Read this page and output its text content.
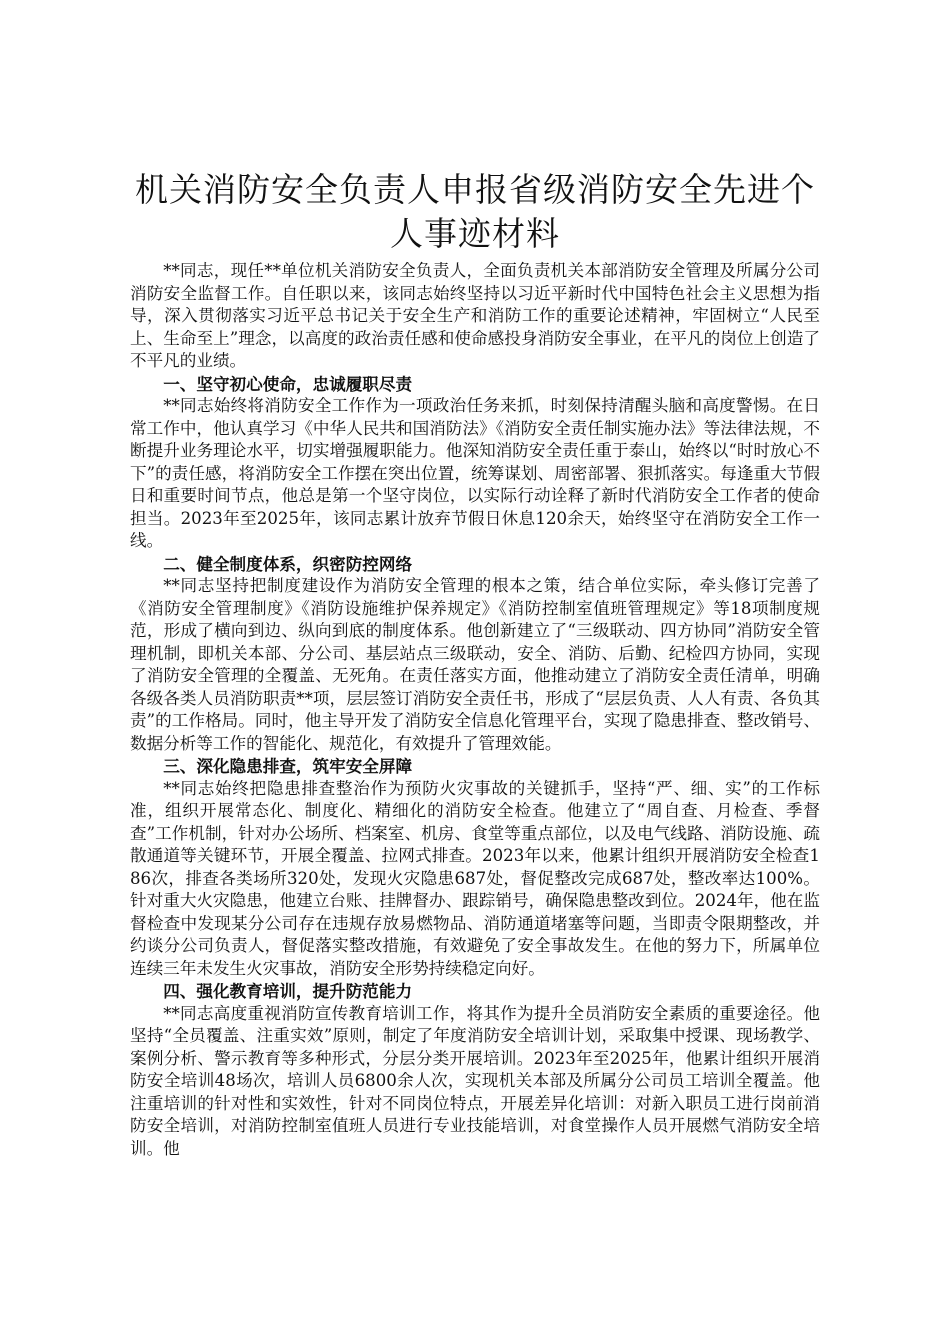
机关消防安全负责人申报省级消防安全先进个人事迹材料

**同志，现任**单位机关消防安全负责人，全面负责机关本部消防安全管理及所属分公司消防安全监督工作。自任职以来，该同志始终坚持以习近平新时代中国特色社会主义思想为指导，深入贯彻落实习近平总书记关于安全生产和消防工作的重要论述精神，牢固树立“人民至上、生命至上”理念，以高度的政治责任感和使命感投身消防安全事业，在平凡的岗位上创造了不平凡的业绩。

一、坚守初心使命，忠诚履职尽责

**同志始终将消防安全工作作为一项政治任务来抓，时刻保持清醒头脑和高度警惕。在日常工作中，他认真学习《中华人民共和国消防法》《消防安全责任制实施办法》等法律法规，不断提升业务理论水平，切实增强履职能力。他深知消防安全责任重于泰山，始终以“时时放心不下”的责任感，将消防安全工作摆在突出位置，统筹谋划、周密部署、狠抓落实。每逢重大节假日和重要时间节点，他总是第一个坚守岗位，以实际行动诠释了新时代消防安全工作者的使命担当。2023年至2025年，该同志累计放弃节假日休息120余天，始终坚守在消防安全工作一线。

二、健全制度体系，织密防控网络

**同志坚持把制度建设作为消防安全管理的根本之策，结合单位实际，牵头修订完善了《消防安全管理制度》《消防设施维护保养规定》《消防控制室值班管理规定》等18项制度规范，形成了横向到边、纵向到底的制度体系。他创新建立了“三级联动、四方协同”消防安全管理机制，即机关本部、分公司、基层站点三级联动，安全、消防、后勤、纪检四方协同，实现了消防安全管理的全覆盖、无死角。在责任落实方面，他推动建立了消防安全责任清单，明确各级各类人员消防职责**项，层层签订消防安全责任书，形成了“层层负责、人人有责、各负其责”的工作格局。同时，他主导开发了消防安全信息化管理平台，实现了隐患排查、整改销号、数据分析等工作的智能化、规范化，有效提升了管理效能。

三、深化隐患排查，筑牢安全屏障

**同志始终把隐患排查整治作为预防火灾事故的关键抓手，坚持“严、细、实”的工作标准，组织开展常态化、制度化、精细化的消防安全检查。他建立了“周自查、月检查、季督查”工作机制，针对办公场所、档案室、机房、食堂等重点部位，以及电气线路、消防设施、疏散通道等关键环节，开展全覆盖、拉网式排查。2023年以来，他累计组织开展消防安全检查186次，排查各类场所320处，发现火灾隐患687处，督促整改完成687处，整改率达100%。针对重大火灾隐患，他建立台账、挂牌督办、跟踪销号，确保隐患整改到位。2024年，他在监督检查中发现某分公司存在违规存放易燃物品、消防通道堵塞等问题，当即责令限期整改，并约谈分公司负责人，督促落实整改措施，有效避免了安全事故发生。在他的努力下，所属单位连续三年未发生火灾事故，消防安全形势持续稳定向好。

四、强化教育培训，提升防范能力

**同志高度重视消防宣传教育培训工作，将其作为提升全员消防安全素质的重要途径。他坚持“全员覆盖、注重实效”原则，制定了年度消防安全培训计划，采取集中授课、现场教学、案例分析、警示教育等多种形式，分层分类开展培训。2023年至2025年，他累计组织开展消防安全培训48场次，培训人员6800余人次，实现机关本部及所属分公司员工培训全覆盖。他注重培训的针对性和实效性，针对不同岗位特点，开展差异化培训：对新入职员工进行岗前消防安全培训，对消防控制室值班人员进行专业技能培训，对食堂操作人员开展燃气消防安全培训。他
